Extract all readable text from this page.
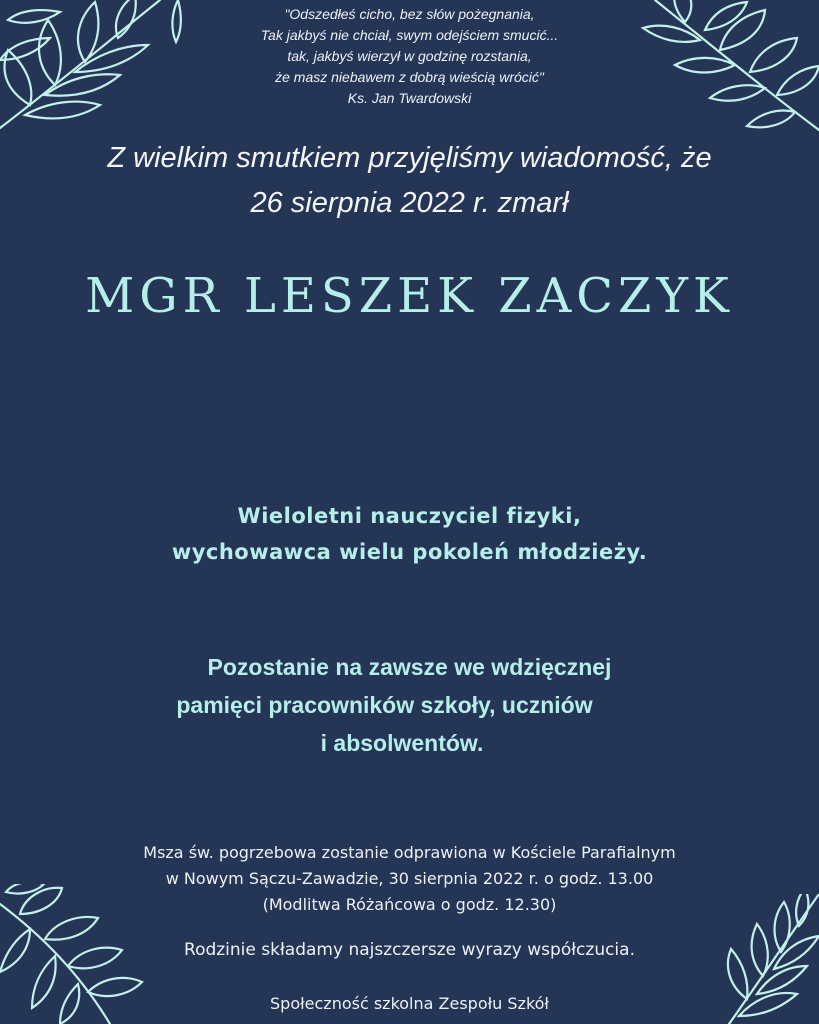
"Odszedłeś cicho, bez słów pożegnania,
Tak jakbyś nie chciał, swym odejściem smucić...
tak, jakbyś wierzył w godzinę rozstania,
że masz niebawem z dobrą wieścią wrócić"
Ks. Jan Twardowski
Z wielkim smutkiem przyjęliśmy wiadomość, że
26 sierpnia 2022 r. zmarł
MGR LESZEK ZACZYK
Wieloletni nauczyciel fizyki,
wychowawca wielu pokoleń młodzieży.
Pozostanie na zawsze we wdzięcznej
pamięci pracowników szkoły, uczniów
i absolwentów.
Msza św. pogrzebowa zostanie odprawiona w Kościele Parafialnym
w Nowym Sączu-Zawadzie, 30 sierpnia 2022 r. o godz. 13.00
(Modlitwa Różańcowa o godz. 12.30)
Rodzinie składamy najszczersze wyrazy współczucia.
Społeczność szkolna Zespołu Szkół
